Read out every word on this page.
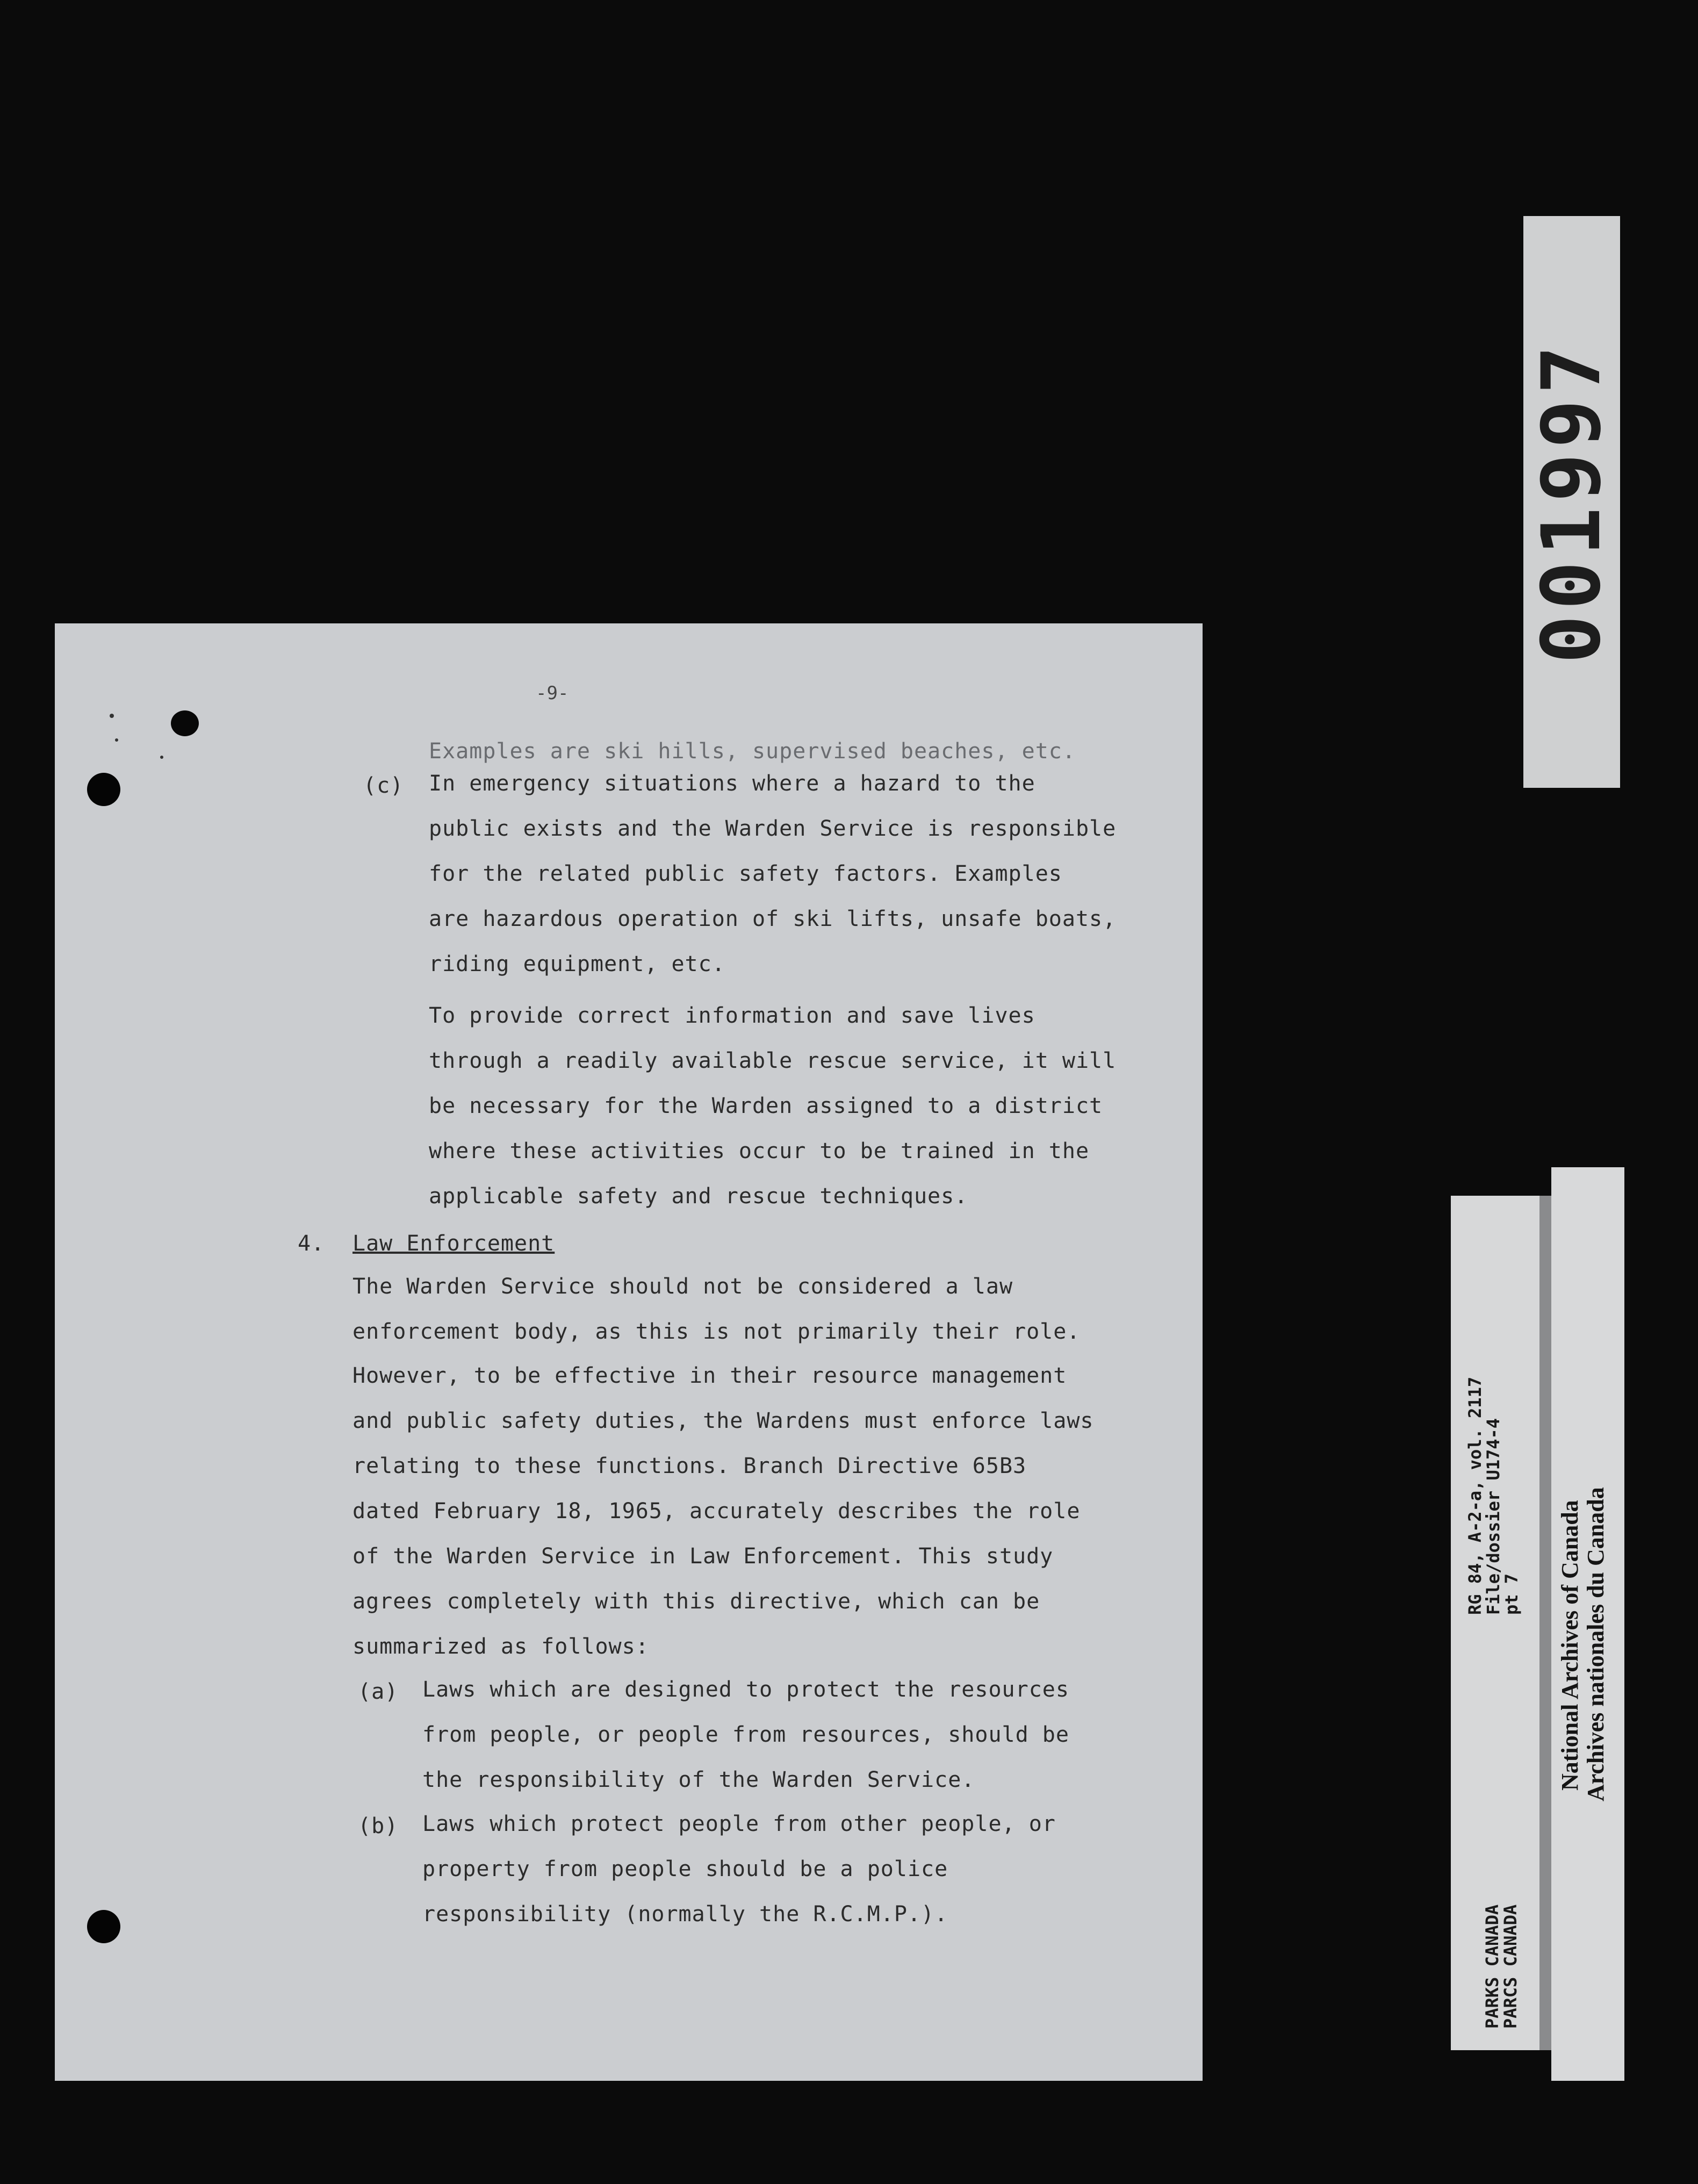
-9-
Examples are ski hills, supervised beaches, etc.
(c) In emergency situations where a hazard to the
public exists and the Warden Service is responsible
for the related public safety factors. Examples
are hazardous operation of ski lifts, unsafe boats,
riding equipment, etc.
To provide correct information and save lives
through a readily available rescue service, it will
be necessary for the Warden assigned to a district
where these activities occur to be trained in the
applicable safety and rescue techniques.
4. Law Enforcement
The Warden Service should not be considered a law
enforcement body, as this is not primarily their role.
However, to be effective in their resource management
and public safety duties, the Wardens must enforce laws
relating to these functions. Branch Directive 65B3
dated February 18, 1965, accurately describes the role
of the Warden Service in Law Enforcement. This study
agrees completely with this directive, which can be
summarized as follows:
(a) Laws which are designed to protect the resources
from people, or people from resources, should be
the responsibility of the Warden Service.
(b) Laws which protect people from other people, or
property from people should be a police
responsibility (normally the R.C.M.P.).
001997
RG 84, A-2-a, vol. 2117
File/dossier U174-4
pt 7
PARKS CANADA
PARCS CANADA
National Archives of Canada Archives nationales du Canada
